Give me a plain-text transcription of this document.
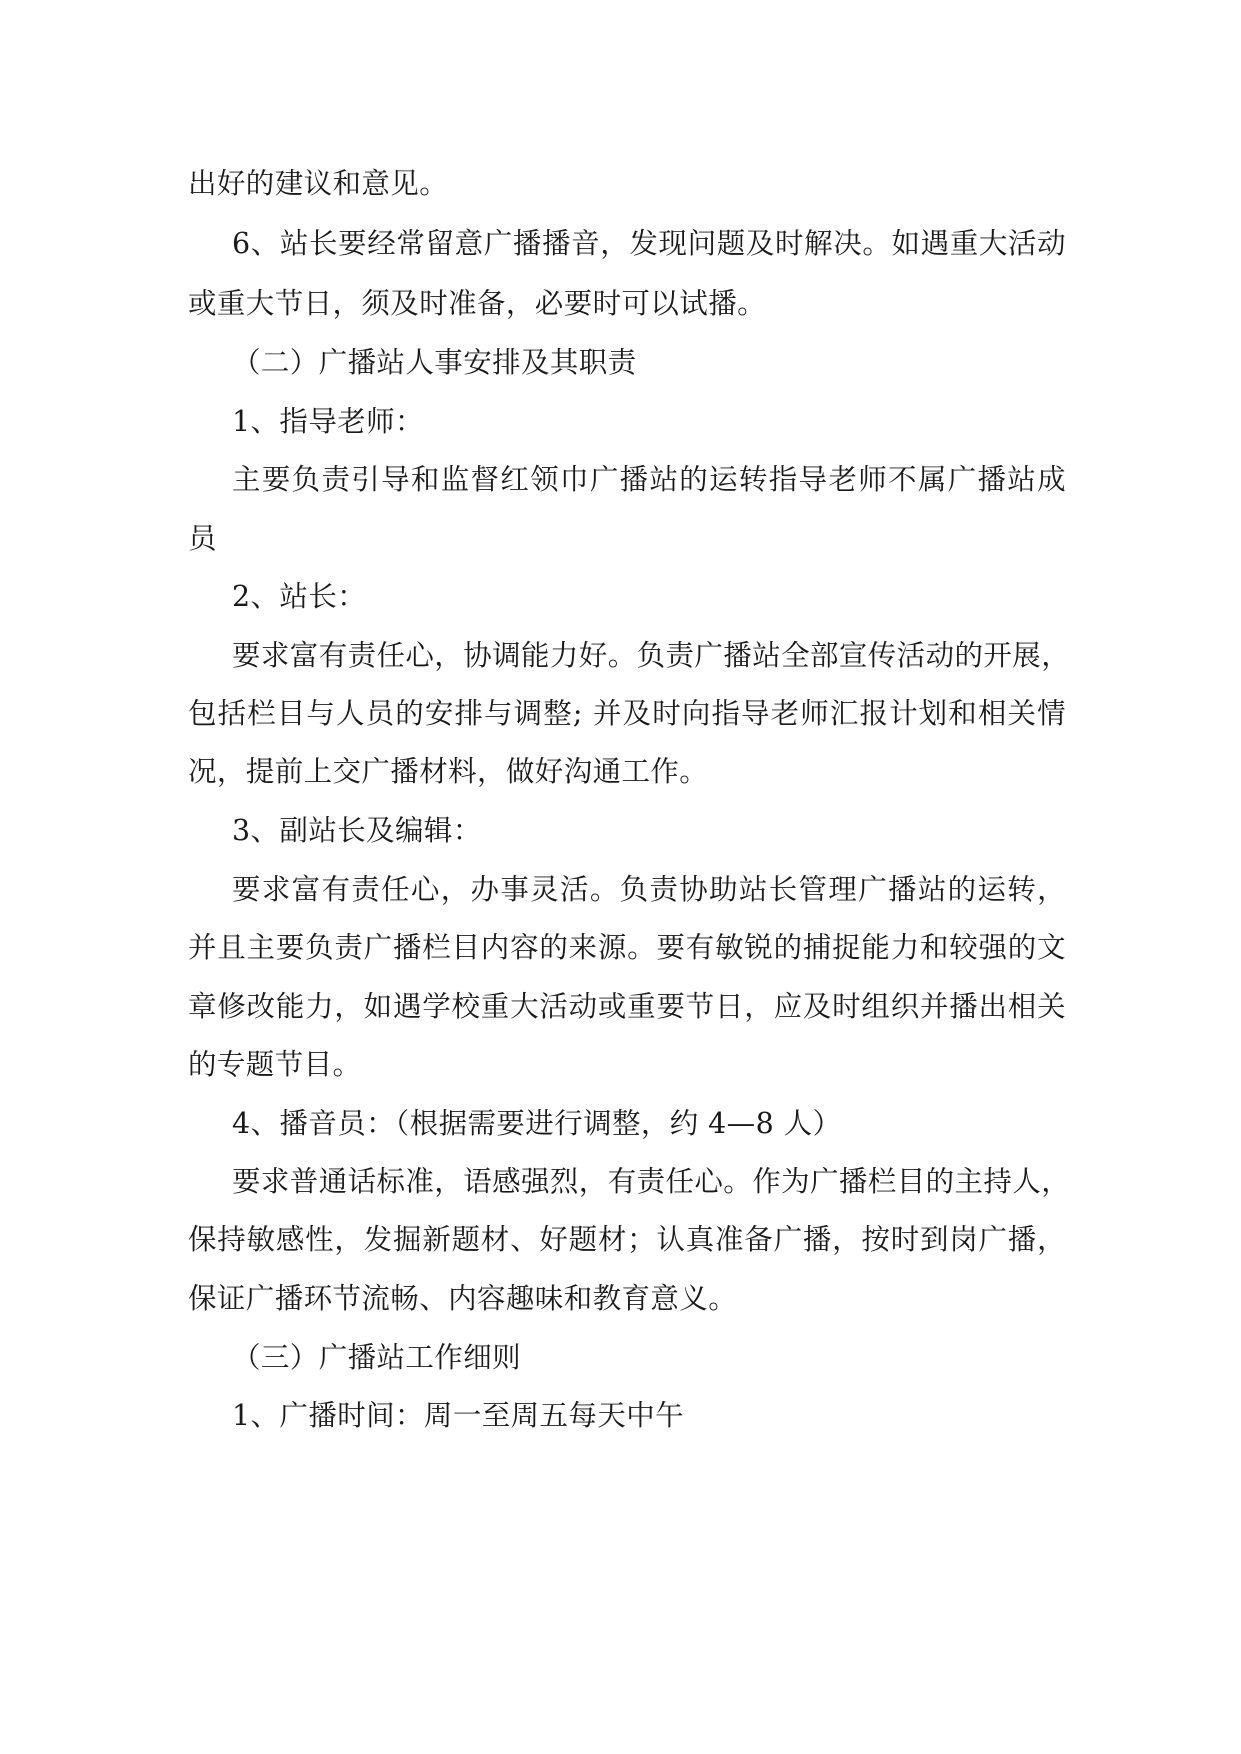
出好的建议和意见。
6、站长要经常留意广播播音，发现问题及时解决。如遇重大活动
或重大节日，须及时准备，必要时可以试播。
（二）广播站人事安排及其职责
1、指导老师：
主要负责引导和监督红领巾广播站的运转指导老师不属广播站成
员
2、站长：
要求富有责任心，协调能力好。负责广播站全部宣传活动的开展，
包括栏目与人员的安排与调整; 并及时向指导老师汇报计划和相关情
况，提前上交广播材料，做好沟通工作。
3、副站长及编辑：
要求富有责任心，办事灵活。负责协助站长管理广播站的运转，
并且主要负责广播栏目内容的来源。要有敏锐的捕捉能力和较强的文
章修改能力，如遇学校重大活动或重要节日，应及时组织并播出相关
的专题节目。
4、播音员：（根据需要进行调整，约 4—8 人）
要求普通话标准，语感强烈，有责任心。作为广播栏目的主持人，
保持敏感性，发掘新题材、好题材；认真准备广播，按时到岗广播，
保证广播环节流畅、内容趣味和教育意义。
（三）广播站工作细则
1、广播时间：周一至周五每天中午
